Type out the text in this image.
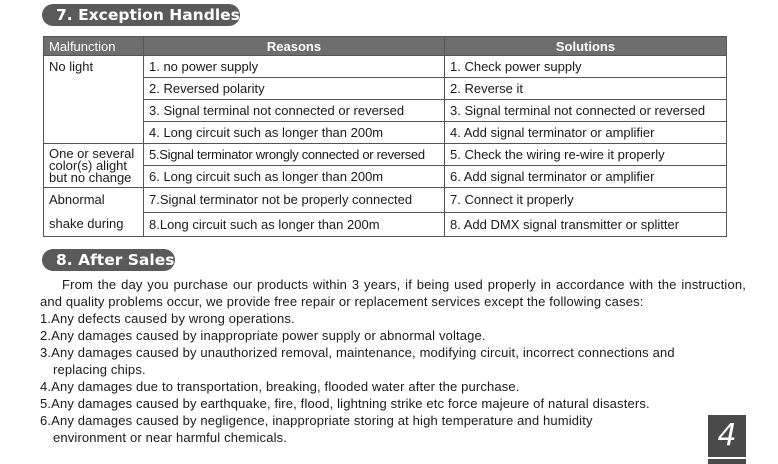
7. Exception Handles
Malfunction	Reasons	Solutions
No light	1. no power supply	1. Check power supply
	2. Reversed polarity	2. Reverse it
	3. Signal terminal not connected or reversed	3. Signal terminal not connected or reversed
	4. Long circuit such as longer than 200m	4. Add signal terminator or amplifier
One or several color(s) alight but no change	5.Signal terminator wrongly connected or reversed	5. Check the wiring re-wire it properly
	6. Long circuit such as longer than 200m	6. Add signal terminator or amplifier
Abnormal shake during	7.Signal terminator not be properly connected	7. Connect it properly
	8.Long circuit such as longer than 200m	8. Add DMX signal transmitter or splitter
8. After Sales

From the day you purchase our products within 3 years, if being used properly in accordance with the instruction, and quality problems occur, we provide free repair or replacement services except the following cases:

1.Any defects caused by wrong operations.

2.Any damages caused by inappropriate power supply or abnormal voltage.

3.Any damages caused by unauthorized removal, maintenance, modifying circuit, incorrect connections and
replacing chips.

4.Any damages due to transportation, breaking, flooded water after the purchase.

5.Any damages caused by earthquake, fire, flood, lightning strike etc force majeure of natural disasters.

6.Any damages caused by negligence, inappropriate storing at high temperature and humidity
environment or near harmful chemicals.	4
